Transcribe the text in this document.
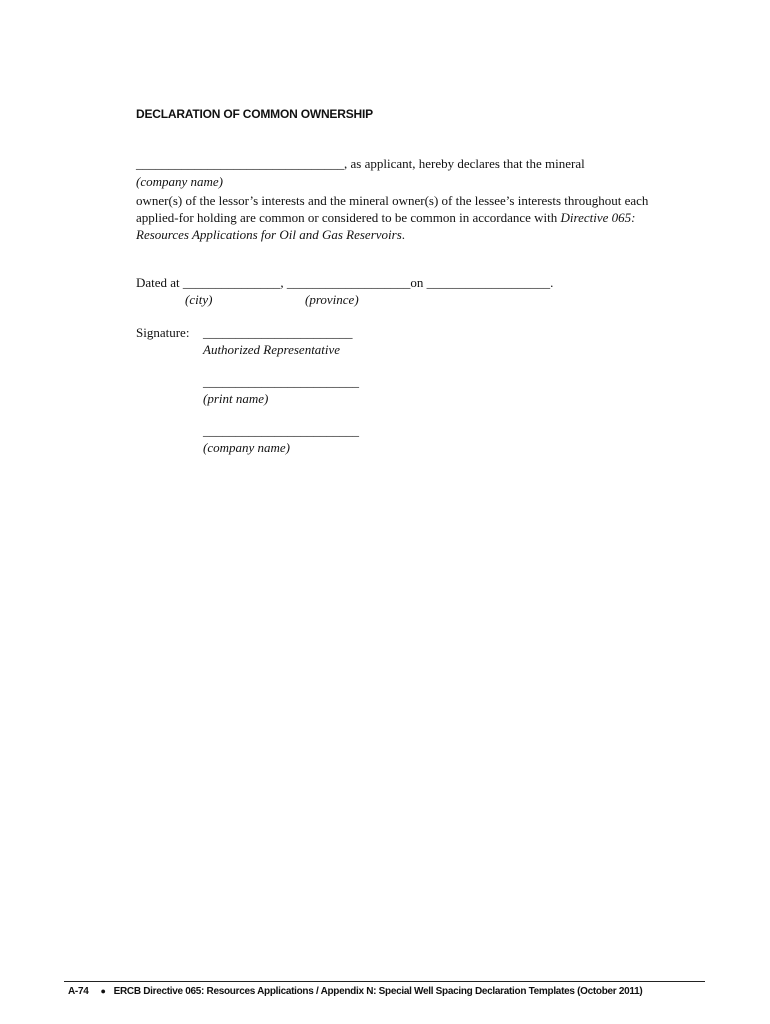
DECLARATION OF COMMON OWNERSHIP
________________________________, as applicant, hereby declares that the mineral
(company name)
owner(s) of the lessor’s interests and the mineral owner(s) of the lessee’s interests throughout each
applied-for holding are common or considered to be common in accordance with Directive 065:
Resources Applications for Oil and Gas Reservoirs.
Dated at _______________, ___________________on ___________________.
(city)	(province)
Signature: _______________________
Authorized Representative
________________________
(print name)
________________________
(company name)
A-74 ● ERCB Directive 065: Resources Applications / Appendix N: Special Well Spacing Declaration Templates (October 2011)
